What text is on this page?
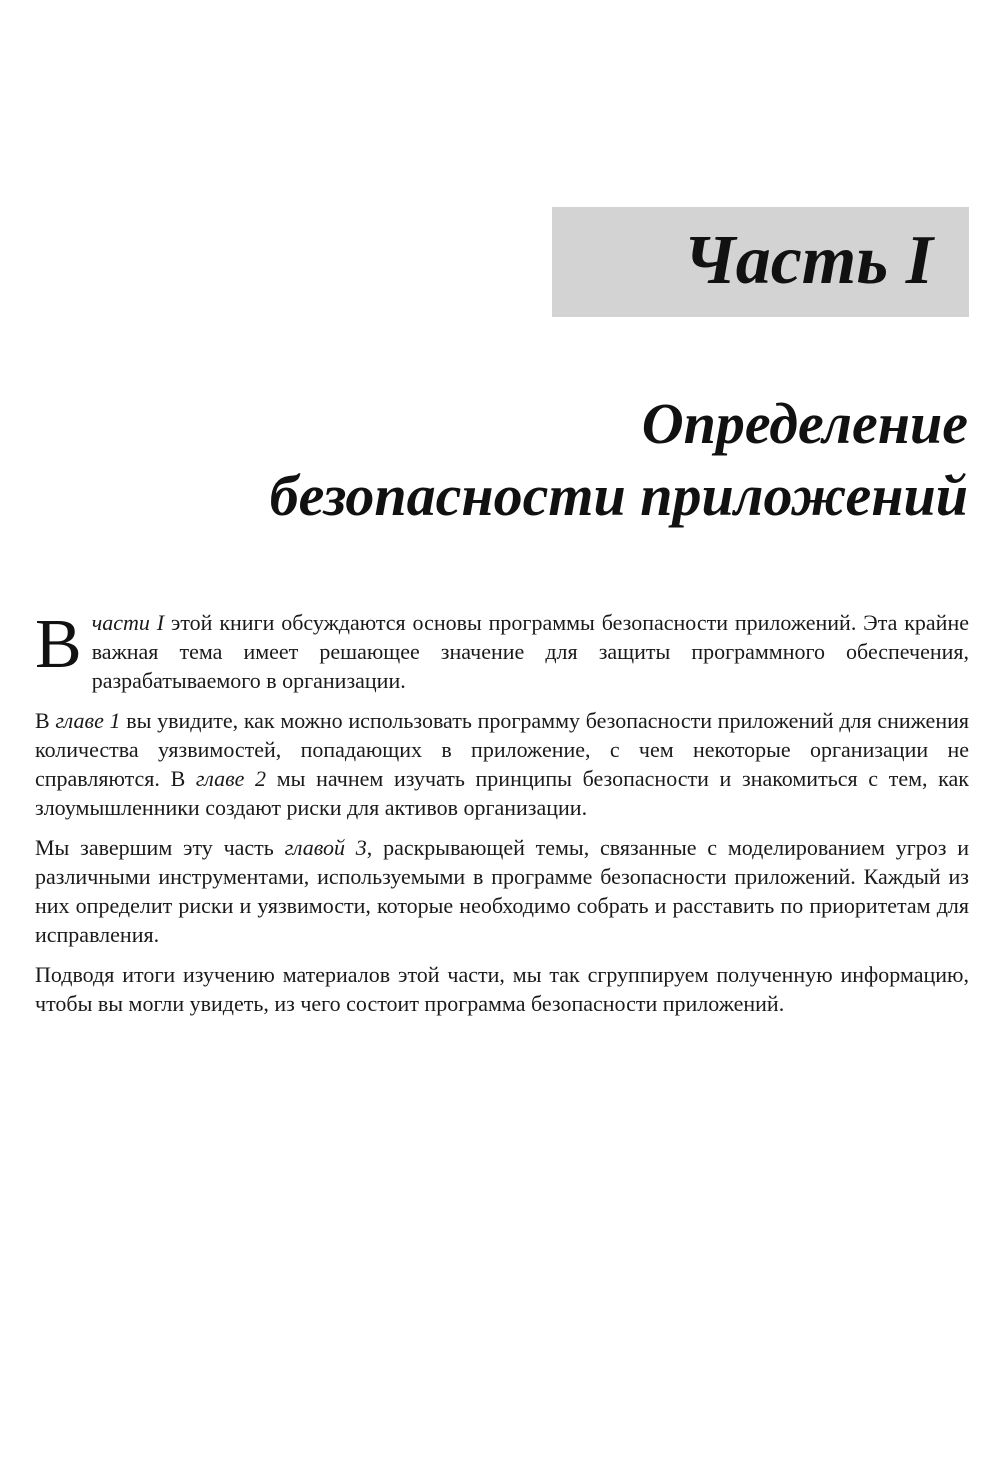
Часть I
Определение
безопасности приложений

Вчасти I этой книги обсуждаются основы программы безопасности приложений. Эта крайне важная тема имеет решающее значение для защиты программного обеспечения, разрабатываемого в организации.

В главе 1 вы увидите, как можно использовать программу безопасности приложений для снижения количества уязвимостей, попадающих в приложение, с чем некоторые организации не справляются. В главе 2 мы начнем изучать принципы безопасности и знакомиться с тем, как злоумышленники создают риски для активов организации.

Мы завершим эту часть главой 3, раскрывающей темы, связанные с моделированием угроз и различными инструментами, используемыми в программе безопасности приложений. Каждый из них определит риски и уязвимости, которые необходимо собрать и расставить по приоритетам для исправления.

Подводя итоги изучению материалов этой части, мы так сгруппируем полученную информацию, чтобы вы могли увидеть, из чего состоит программа безопасности приложений.
